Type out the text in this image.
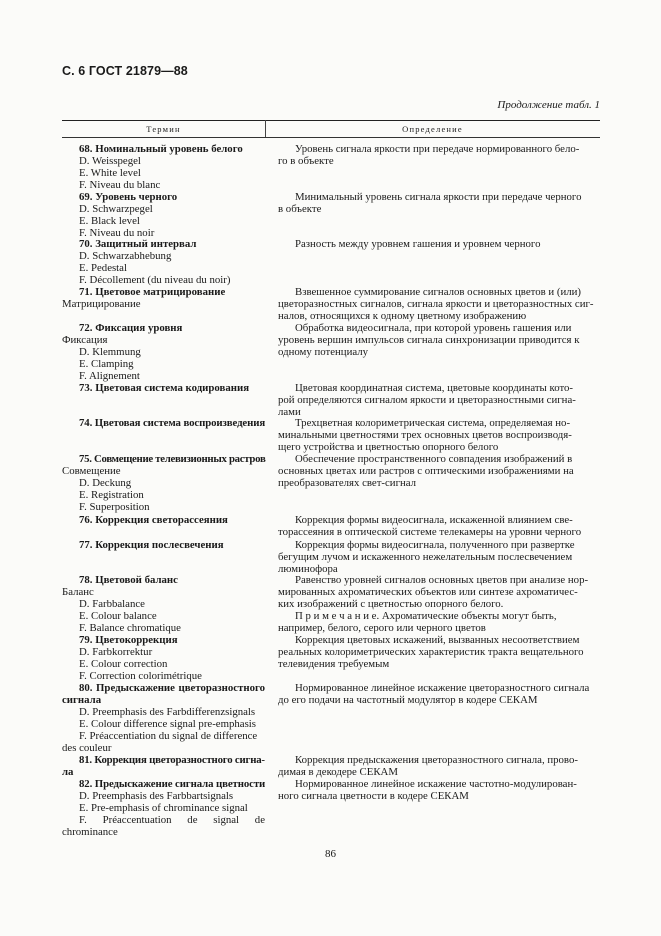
С. 6 ГОСТ 21879—88
Продолженuе табл. 1
Термин	Определение
68. Номинальный уровень белого
D. Weisspegel
E. White level
F. Niveau du blanc
69. Уровень черного
D. Schwarzpegel
E. Black level
F. Niveau du noir
70. Защитный интервал
D. Schwarzabhebung
E. Pedestal
F. Décollement (du niveau du noir)
71. Цветовое матрицирование
Матрицирование
72. Фиксация уровня
Фиксация
D. Klemmung
E. Clamping
F. Alignement
73. Цветовая система кодирования
74. Цветовая система воспроизведения
75. Совмещение телевизионных растров
Совмещение
D. Deckung
E. Registration
F. Superposition
76. Коррекция светорассеяния
77. Коррекция послесвечения
78. Цветовой баланс
Баланс
D. Farbbalance
E. Colour balance
F. Balance chromatique
79. Цветокоррекция
D. Farbkorrektur
E. Colour correction
F. Correction colorimétrique
80. Предыскажение цветоразностного
сигнала
D. Preemphasis des Farbdifferenzsignals
E. Colour difference signal pre-emphasis
F. Préaccentiation du signal de difference
des couleur
81. Коррекция цветоразностного сигна-
ла
82. Предыскажение сигнала цветности
D. Preemphasis des Farbbartsignals
E. Pre-emphasis of chrominance signal
F. Préaccentuation de signal de
chrominance
Уровень сигнала яркости при передаче нормированного бело-
го в объекте
Минимальный уровень сигнала яркости при передаче черного
в объекте
Разность между уровнем гашения и уровнем черного
Взвешенное суммирование сигналов основных цветов и (или)
цветоразностных сигналов, сигнала яркости и цветоразностных сиг-
налов, относящихся к одному цветному изображению
Обработка видеосигнала, при которой уровень гашения или
уровень вершин импульсов сигнала синхронизации приводится к
одному потенциалу
Цветовая координатная система, цветовые координаты кото-
рой определяются сигналом яркости и цветоразностными сигна-
лами
Трехцветная колориметрическая система, определяемая но-
минальными цветностями трех основных цветов воспроизводя-
щего устройства и цветностью опорного белого
Обеспечение пространственного совпадения изображений в
основных цветах или растров с оптическими изображениями на
преобразователях свет-сигнал
Коррекция формы видеосигнала, искаженной влиянием све-
торассеяния в оптической системе телекамеры на уровни черного
Коррекция формы видеосигнала, полученного при развертке
бегущим лучом и искаженного нежелательным послесвечением
люминофора
Равенство уровней сигналов основных цветов при анализе нор-
мированных ахроматических объектов или синтезе ахроматичес-
ких изображений с цветностью опорного белого.
П р и м е ч а н и е. Ахроматические объекты могут быть,
например, белого, серого или черного цветов
Коррекция цветовых искажений, вызванных несоответствием
реальных колориметрических характеристик тракта вещательного
телевидения требуемым
Нормированное линейное искажение цветоразностного сигнала
до его подачи на частотный модулятор в кодере СЕКАМ
Коррекция предыскажения цветоразностного сигнала, прово-
димая в декодере СЕКАМ
Нормированное линейное искажение частотно-модулирован-
ного сигнала цветности в кодере СЕКАМ
86
